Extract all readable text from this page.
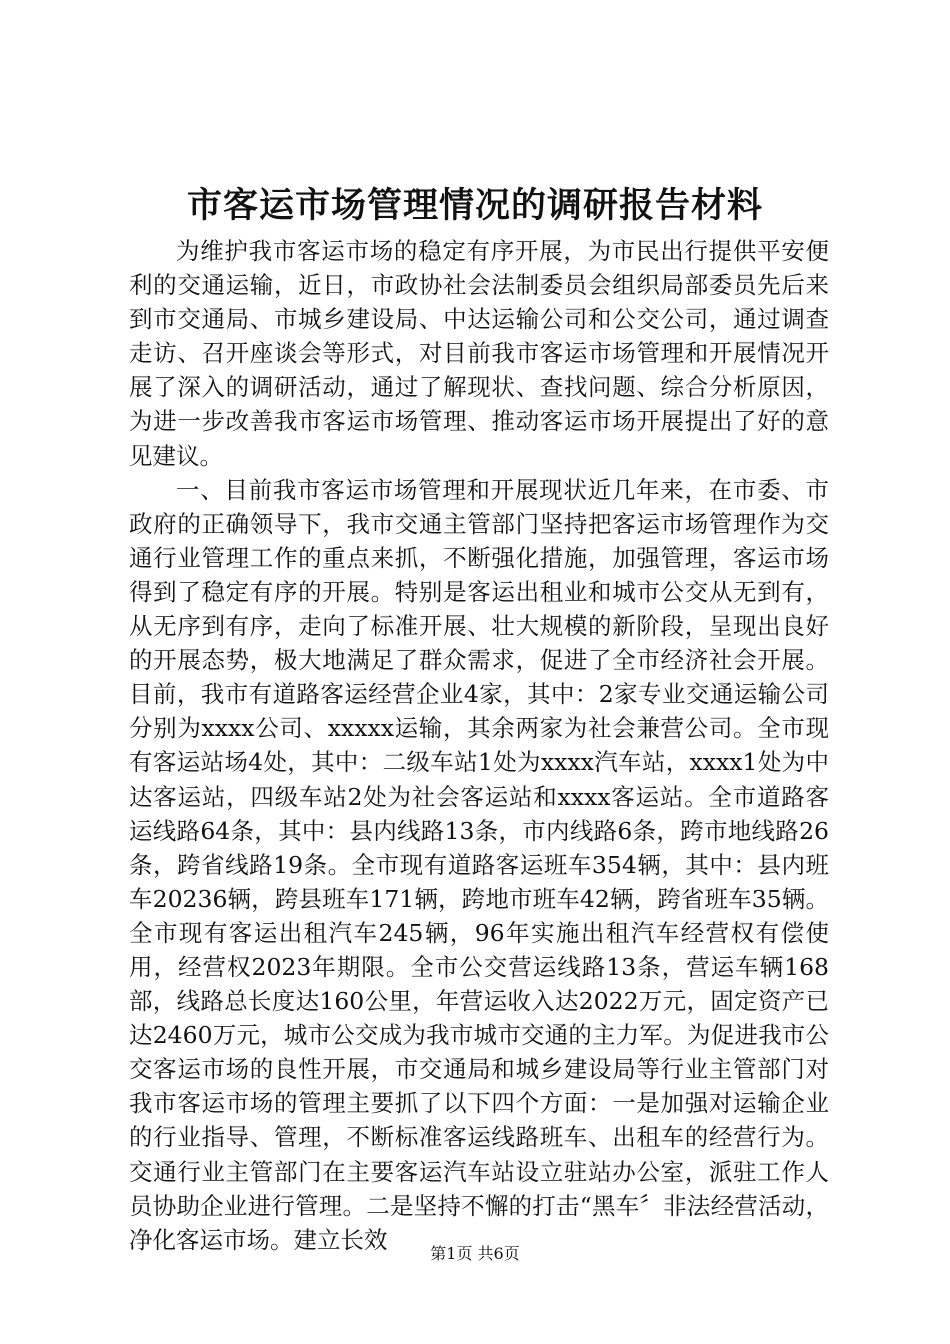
市客运市场管理情况的调研报告材料

为维护我市客运市场的稳定有序开展，为市民出行提供平安便利的交通运输，近日，市政协社会法制委员会组织局部委员先后来到市交通局、市城乡建设局、中达运输公司和公交公司，通过调查走访、召开座谈会等形式，对目前我市客运市场管理和开展情况开展了深入的调研活动，通过了解现状、查找问题、综合分析原因，为进一步改善我市客运市场管理、推动客运市场开展提出了好的意见建议。

一、目前我市客运市场管理和开展现状近几年来，在市委、市政府的正确领导下，我市交通主管部门坚持把客运市场管理作为交通行业管理工作的重点来抓，不断强化措施，加强管理，客运市场得到了稳定有序的开展。特别是客运出租业和城市公交从无到有，从无序到有序，走向了标准开展、壮大规模的新阶段，呈现出良好的开展态势，极大地满足了群众需求，促进了全市经济社会开展。目前，我市有道路客运经营企业4家，其中：2家专业交通运输公司分别为xxxx公司、xxxxx运输，其余两家为社会兼营公司。全市现有客运站场4处，其中：二级车站1处为xxxx汽车站，xxxx1处为中达客运站，四级车站2处为社会客运站和xxxx客运站。全市道路客运线路64条，其中：县内线路13条，市内线路6条，跨市地线路26条，跨省线路19条。全市现有道路客运班车354辆，其中：县内班车20236辆，跨县班车171辆，跨地市班车42辆，跨省班车35辆。全市现有客运出租汽车245辆，96年实施出租汽车经营权有偿使用，经营权2023年期限。全市公交营运线路13条，营运车辆168部，线路总长度达160公里，年营运收入达2022万元，固定资产已达2460万元，城市公交成为我市城市交通的主力军。为促进我市公交客运市场的良性开展，市交通局和城乡建设局等行业主管部门对我市客运市场的管理主要抓了以下四个方面：一是加强对运输企业的行业指导、管理，不断标准客运线路班车、出租车的经营行为。交通行业主管部门在主要客运汽车站设立驻站办公室，派驻工作人员协助企业进行管理。二是坚持不懈的打击“黑车〞非法经营活动，净化客运市场。建立长效	第1页 共6页
